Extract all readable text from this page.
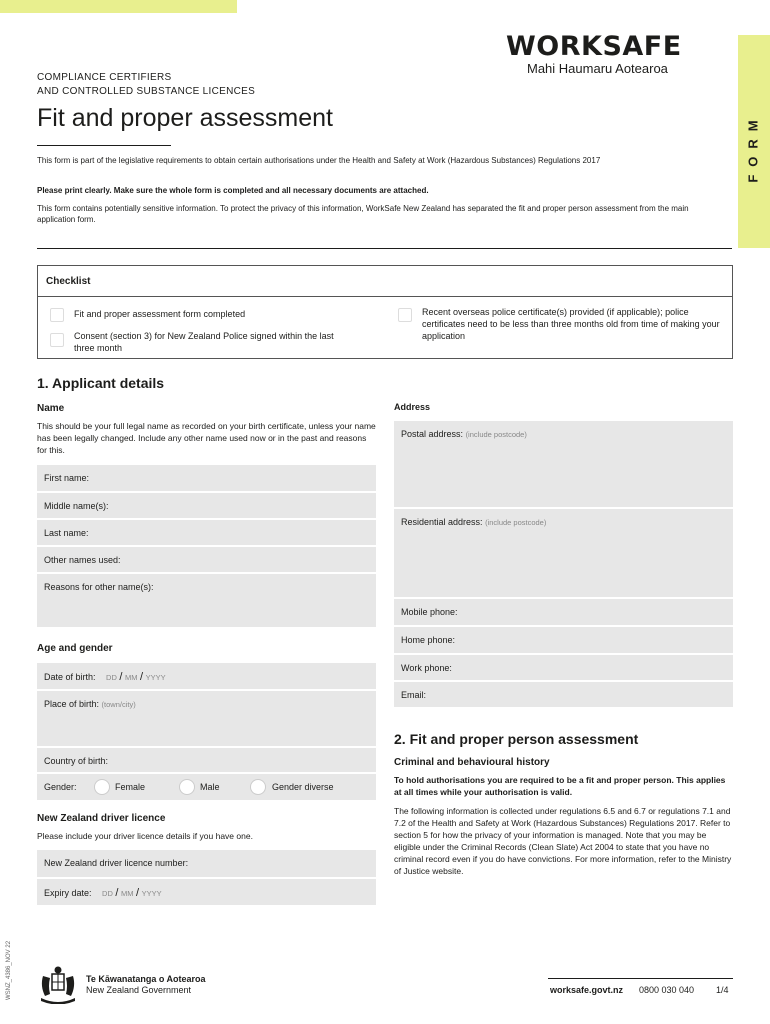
WORKSAFE
Mahi Haumaru Aotearoa
FORM
COMPLIANCE CERTIFIERS
AND CONTROLLED SUBSTANCE LICENCES
Fit and proper assessment
This form is part of the legislative requirements to obtain certain authorisations under the Health and Safety at Work (Hazardous Substances) Regulations 2017
Please print clearly. Make sure the whole form is completed and all necessary documents are attached.
This form contains potentially sensitive information. To protect the privacy of this information, WorkSafe New Zealand has separated the fit and proper person assessment from the main application form.
Checklist
Fit and proper assessment form completed
Consent (section 3) for New Zealand Police signed within the last three month
Recent overseas police certificate(s) provided (if applicable); police certificates need to be less than three months old from time of making your application
1. Applicant details
Name
This should be your full legal name as recorded on your birth certificate, unless your name has been legally changed. Include any other name used now or in the past and reasons for this.
First name:
Middle name(s):
Last name:
Other names used:
Reasons for other name(s):
Age and gender
Date of birth: DD / MM / YYYY
Place of birth: (town/city)
Country of birth:
Gender:	Female	Male	Gender diverse
New Zealand driver licence
Please include your driver licence details if you have one.
New Zealand driver licence number:
Expiry date: DD / MM / YYYY
Address
Postal address: (include postcode)
Residential address: (include postcode)
Mobile phone:
Home phone:
Work phone:
Email:
2. Fit and proper person assessment
Criminal and behavioural history
To hold authorisations you are required to be a fit and proper person. This applies at all times while your authorisation is valid.
The following information is collected under regulations 6.5 and 6.7 or regulations 7.1 and 7.2 of the Health and Safety at Work (Hazardous Substances) Regulations 2017. Refer to section 5 for how the privacy of your information is managed. Note that you may be eligible under the Criminal Records (Clean Slate) Act 2004 to state that you have no criminal record even if you do have convictions. For more information, refer to the Ministry of Justice website.
WSNZ_4386_NOV 22	Te Kāwanatanga o Aotearoa
New Zealand Government	worksafe.govt.nz 0800 030 040 1/4
